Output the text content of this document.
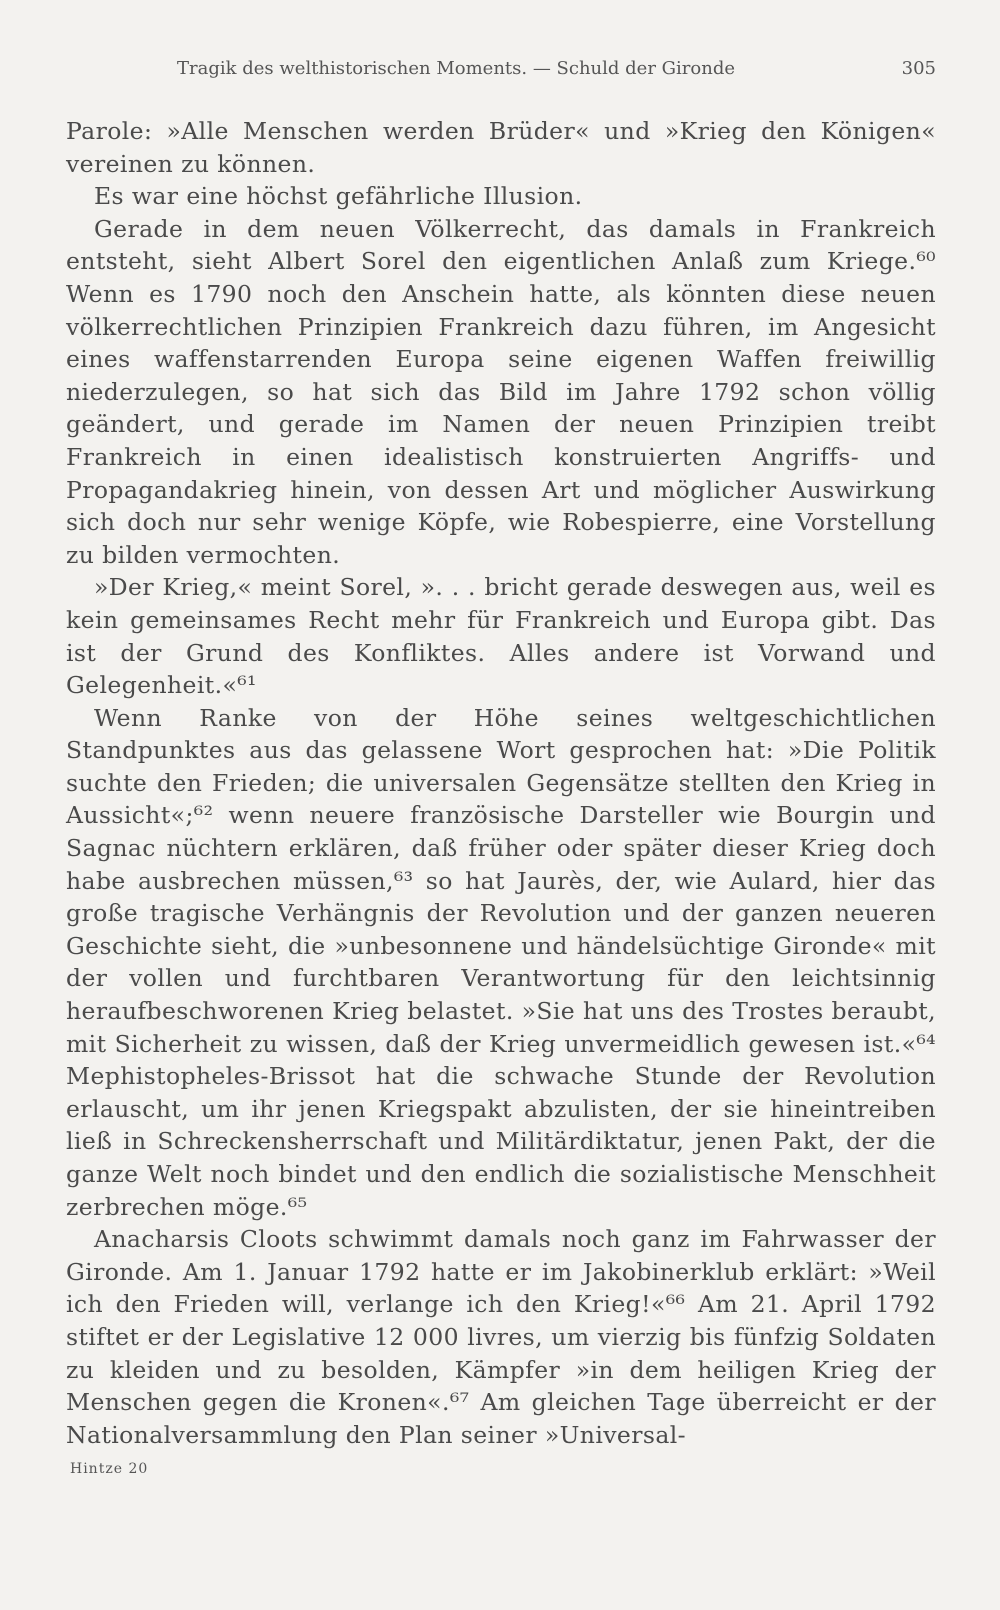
Tragik des welthistorischen Moments. — Schuld der Gironde	305

Parole: »Alle Menschen werden Brüder« und »Krieg den Königen« vereinen zu können.

Es war eine höchst gefährliche Illusion.

Gerade in dem neuen Völkerrecht, das damals in Frankreich entsteht, sieht Albert Sorel den eigentlichen Anlaß zum Kriege.⁶⁰ Wenn es 1790 noch den Anschein hatte, als könnten diese neuen völkerrechtlichen Prinzipien Frankreich dazu führen, im Angesicht eines waffenstarrenden Europa seine eigenen Waffen freiwillig niederzulegen, so hat sich das Bild im Jahre 1792 schon völlig geändert, und gerade im Namen der neuen Prinzipien treibt Frankreich in einen idealistisch konstruierten Angriffs- und Propagandakrieg hinein, von dessen Art und möglicher Auswirkung sich doch nur sehr wenige Köpfe, wie Robespierre, eine Vorstellung zu bilden vermochten.

»Der Krieg,« meint Sorel, ». . . bricht gerade deswegen aus, weil es kein gemeinsames Recht mehr für Frankreich und Europa gibt. Das ist der Grund des Konfliktes. Alles andere ist Vorwand und Gelegenheit.«⁶¹

Wenn Ranke von der Höhe seines weltgeschichtlichen Standpunktes aus das gelassene Wort gesprochen hat: »Die Politik suchte den Frieden; die universalen Gegensätze stellten den Krieg in Aussicht«;⁶² wenn neuere französische Darsteller wie Bourgin und Sagnac nüchtern erklären, daß früher oder später dieser Krieg doch habe ausbrechen müssen,⁶³ so hat Jaurès, der, wie Aulard, hier das große tragische Verhängnis der Revolution und der ganzen neueren Geschichte sieht, die »unbesonnene und händelsüchtige Gironde« mit der vollen und furchtbaren Verantwortung für den leichtsinnig heraufbeschworenen Krieg belastet. »Sie hat uns des Trostes beraubt, mit Sicherheit zu wissen, daß der Krieg unvermeidlich gewesen ist.«⁶⁴ Mephistopheles-Brissot hat die schwache Stunde der Revolution erlauscht, um ihr jenen Kriegspakt abzulisten, der sie hineintreiben ließ in Schreckensherrschaft und Militärdiktatur, jenen Pakt, der die ganze Welt noch bindet und den endlich die sozialistische Menschheit zerbrechen möge.⁶⁵

Anacharsis Cloots schwimmt damals noch ganz im Fahrwasser der Gironde. Am 1. Januar 1792 hatte er im Jakobinerklub erklärt: »Weil ich den Frieden will, verlange ich den Krieg!«⁶⁶ Am 21. April 1792 stiftet er der Legislative 12 000 livres, um vierzig bis fünfzig Soldaten zu kleiden und zu besolden, Kämpfer »in dem heiligen Krieg der Menschen gegen die Kronen«.⁶⁷ Am gleichen Tage überreicht er der Nationalversammlung den Plan seiner »Universal-

Hintze 20
